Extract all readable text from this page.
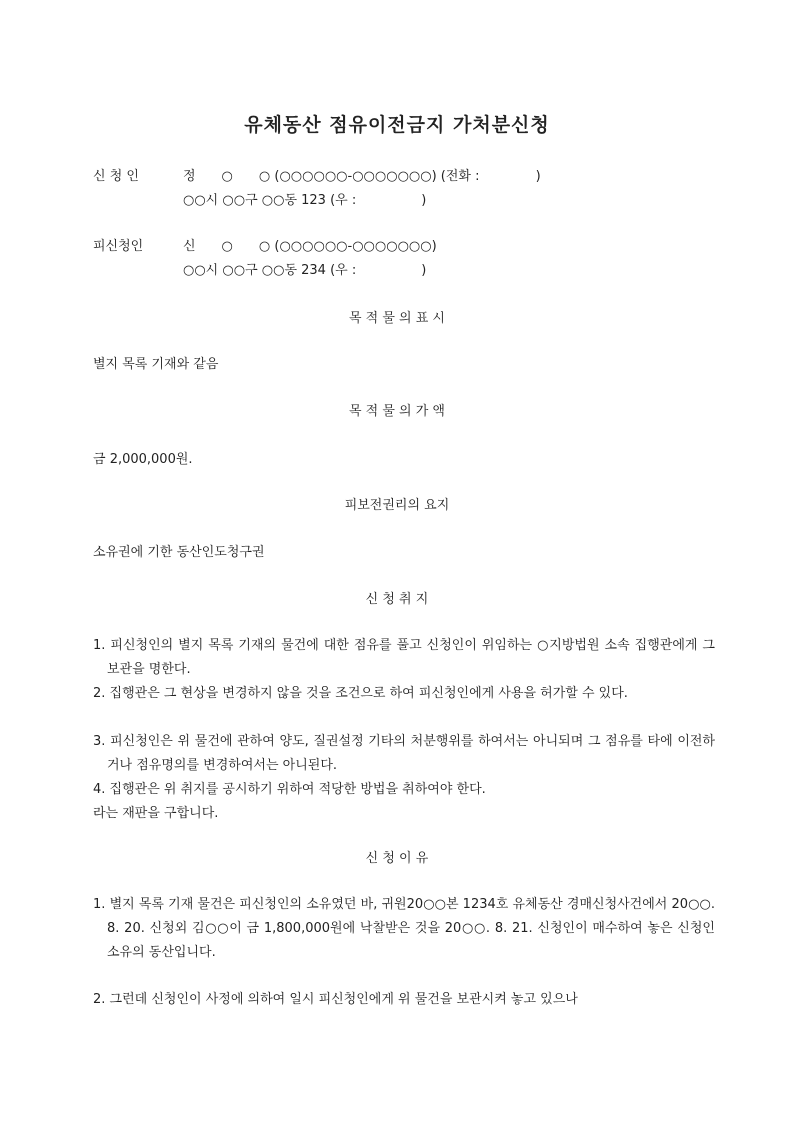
유체동산 점유이전금지 가처분신청
신 청 인	정　　○　　○ (○○○○○○-○○○○○○○) (전화 :　　　　 )
○○시 ○○구 ○○동 123 (우 :　　　　　)
피신청인	신　　○　　○ (○○○○○○-○○○○○○○)
○○시 ○○구 ○○동 234 (우 :　　　　　)
목 적 물 의 표 시
별지 목록 기재와 같음
목 적 물 의 가 액
금 2,000,000원.
피보전권리의 요지
소유권에 기한 동산인도청구권
신 청 취 지
1. 피신청인의 별지 목록 기재의 물건에 대한 점유를 풀고 신청인이 위임하는 ○지방법원 소속 집행관에게 그 보관을 명한다.
2. 집행관은 그 현상을 변경하지 않을 것을 조건으로 하여 피신청인에게 사용을 허가할 수 있다.
3. 피신청인은 위 물건에 관하여 양도, 질권설정 기타의 처분행위를 하여서는 아니되며 그 점유를 타에 이전하거나 점유명의를 변경하여서는 아니된다.
4. 집행관은 위 취지를 공시하기 위하여 적당한 방법을 취하여야 한다.
라는 재판을 구합니다.
신 청 이 유
1. 별지 목록 기재 물건은 피신청인의 소유였던 바, 귀원20○○본 1234호 유체동산 경매신청사건에서 20○○. 8. 20. 신청외 김○○이 금 1,800,000원에 낙찰받은 것을 20○○. 8. 21. 신청인이 매수하여 놓은 신청인 소유의 동산입니다.
2. 그런데 신청인이 사정에 의하여 일시 피신청인에게 위 물건을 보관시켜 놓고 있으나
